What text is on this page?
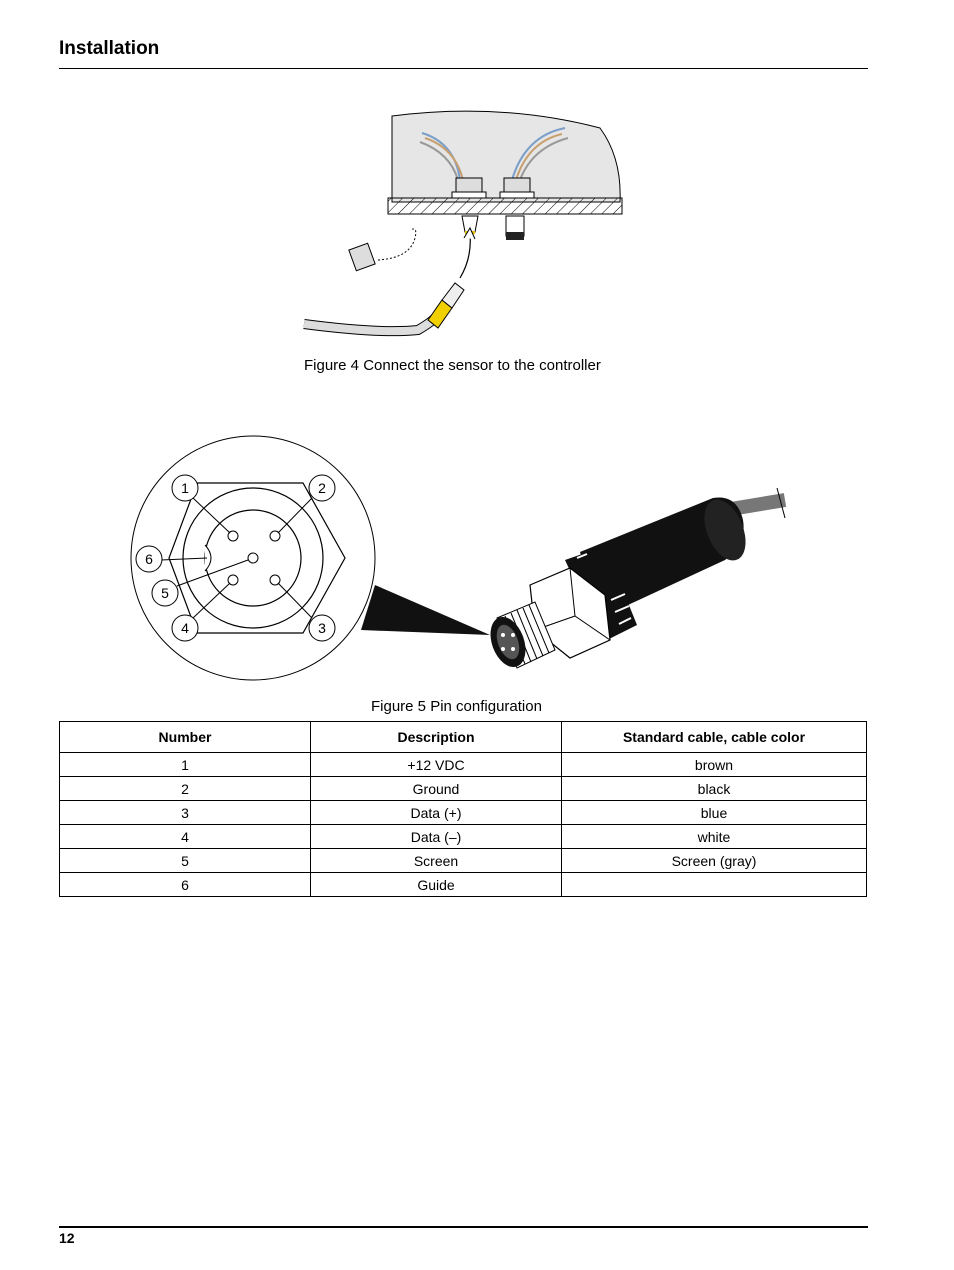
Installation
Figure 4 Connect the sensor to the controller
1	2
3
4
5
6
Figure 5 Pin configuration
Number	Description	Standard cable, cable color
1	+12 VDC	brown
2	Ground	black
3	Data (+)	blue
4	Data (–)	white
5	Screen	Screen (gray)
6	Guide	
12
